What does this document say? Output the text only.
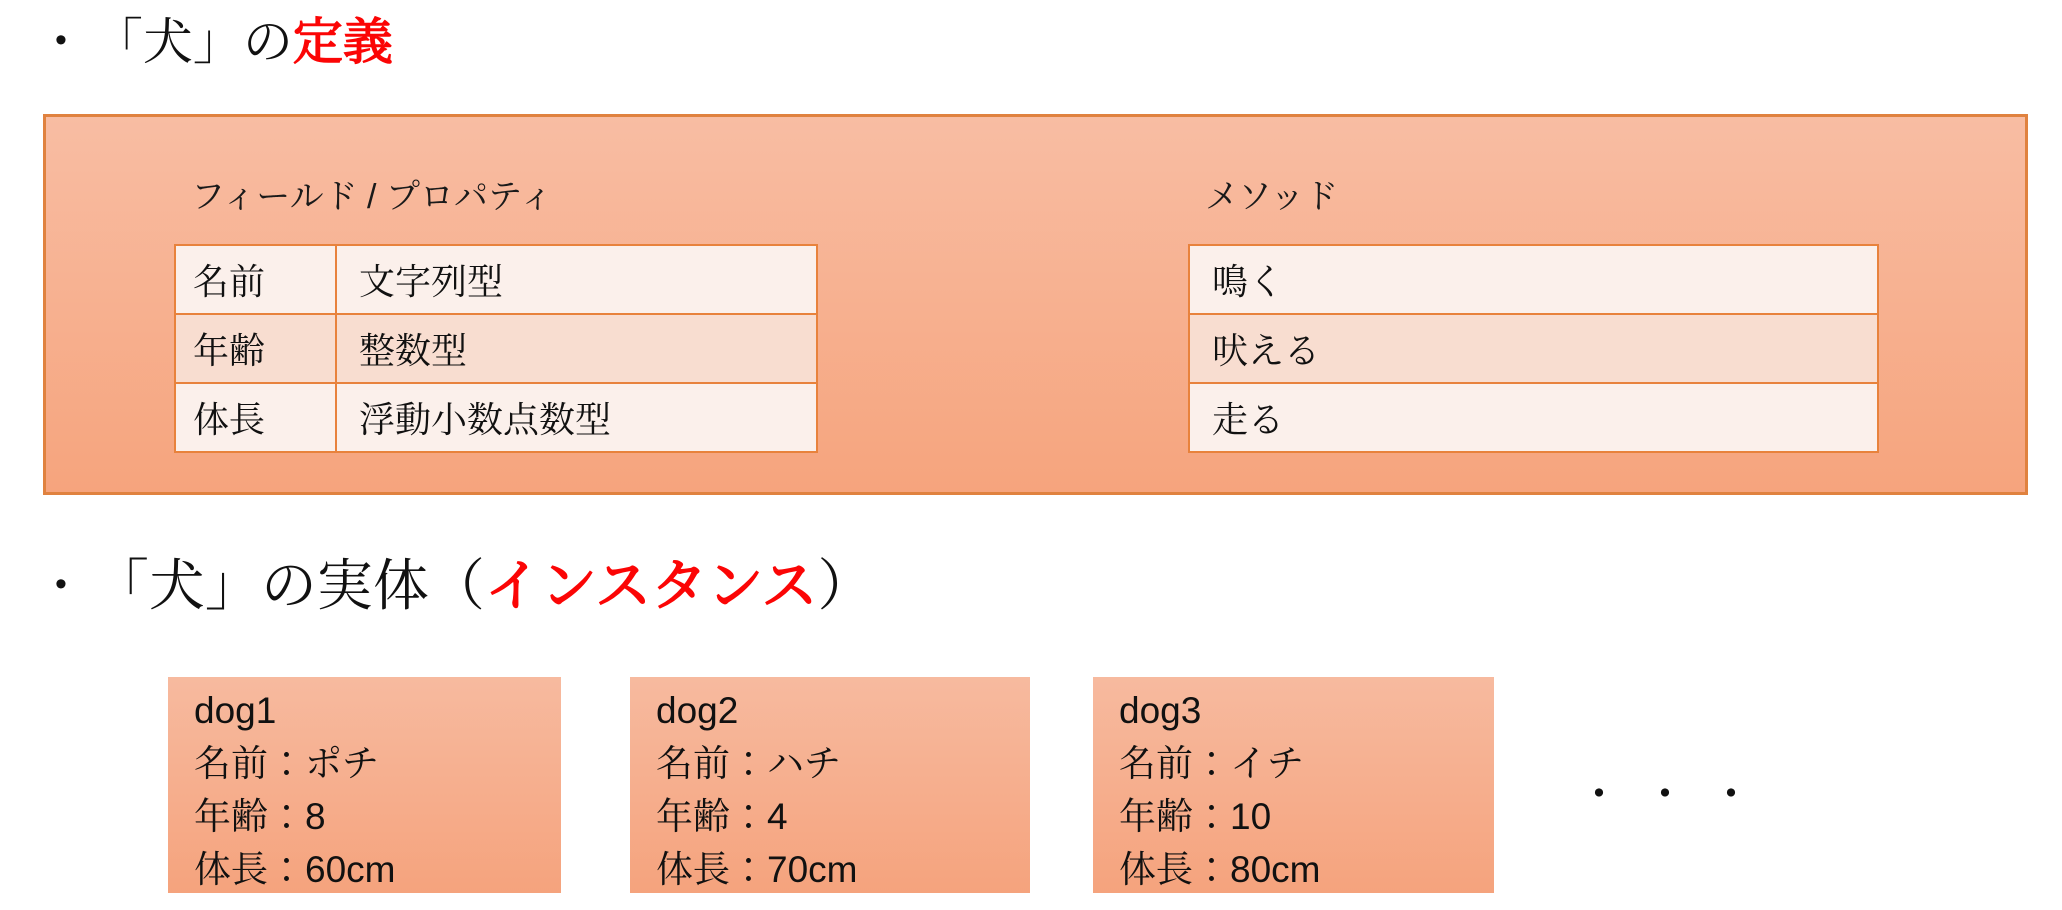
• 「犬」の 定義
フィールド / プロパティ
名前	文字列型
年齢	整数型
体長	浮動小数点数型
メソッド
鳴く
吠える
走る
• 「犬」の実体（ インスタンス ）
dog1
名前：ポチ
年齢：8
体長：60cm
dog2
名前：ハチ
年齢：4
体長：70cm
dog3
名前：イチ
年齢：10
体長：80cm
・・・
